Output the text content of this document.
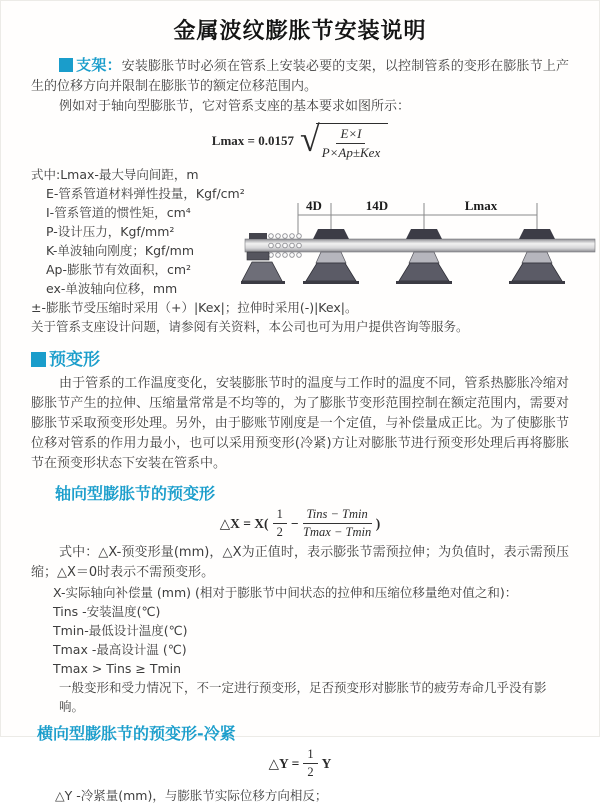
金属波纹膨胀节安装说明

支架：安装膨胀节时必须在管系上安装必要的支架，以控制管系的变形在膨胀节上产生的位移方向并限制在膨胀节的额定位移范围内。

例如对于轴向型膨胀节，它对管系支座的基本要求如图所示：

Lmax = 0.0157 √ $\frac{E\times I}{\text{P×Ap±Kex}}$
式中:Lmax-最大导向间距，m
E-管系管道材料弹性投量，Kgf/cm²
I-管系管道的惯性矩，cm⁴
P-设计压力，Kgf/mm²
K-单波轴向刚度；Kgf/mm
Ap-膨胀节有效面积，cm²
ex-单波轴向位移，mm
±-膨胀节受压缩时采用（+）|Kex|；拉伸时采用(-)|Kex|。
关于管系支座设计问题，请参阅有关资料，本公司也可为用户提供咨询等服务。
预变形

由于管系的工作温度变化，安装膨胀节时的温度与工作时的温度不同，管系热膨胀冷缩对膨胀节产生的拉伸、压缩量常常是不均等的，为了膨胀节变形范围控制在额定范围内，需要对膨胀节采取预变形处理。另外，由于膨账节刚度是一个定值，与补偿量成正比。为了使膨胀节位移对管系的作用力最小，也可以采用预变形(冷紧)方让对膨胀节进行预变形处理后再将膨胀节在预变形状态下安装在管系中。

轴向型膨胀节的预变形
△X = $X( \frac{1}{2} - \frac{\text{Tins − Tmin}}{Tmax - Tmin}$ )

式中：△X-预变形量(mm)，△X为正值时，表示膨张节需预拉伸；为负值时，表示需预压缩；△X＝0时表示不需预变形。

X-实际轴向补偿量 (mm) (相对于膨胀节中间状态的拉伸和压缩位移量绝对值之和)：
Tins -安装温度(℃)
Tmin-最低设计温度(℃)
Tmax -最高设计温 (℃)
Tmax > Tins ≥ Tmin
一般变形和受力情况下，不一定进行预变形，足否预变形对膨胀节的疲劳寿命几乎没有影响。
横向型膨胀节的预变形-冷紧
△Y = $\frac{1}{2}$ Y
△Y -冷紧量(mm)，与膨胀节实际位移方向相反；
4D	14D	Lmax
